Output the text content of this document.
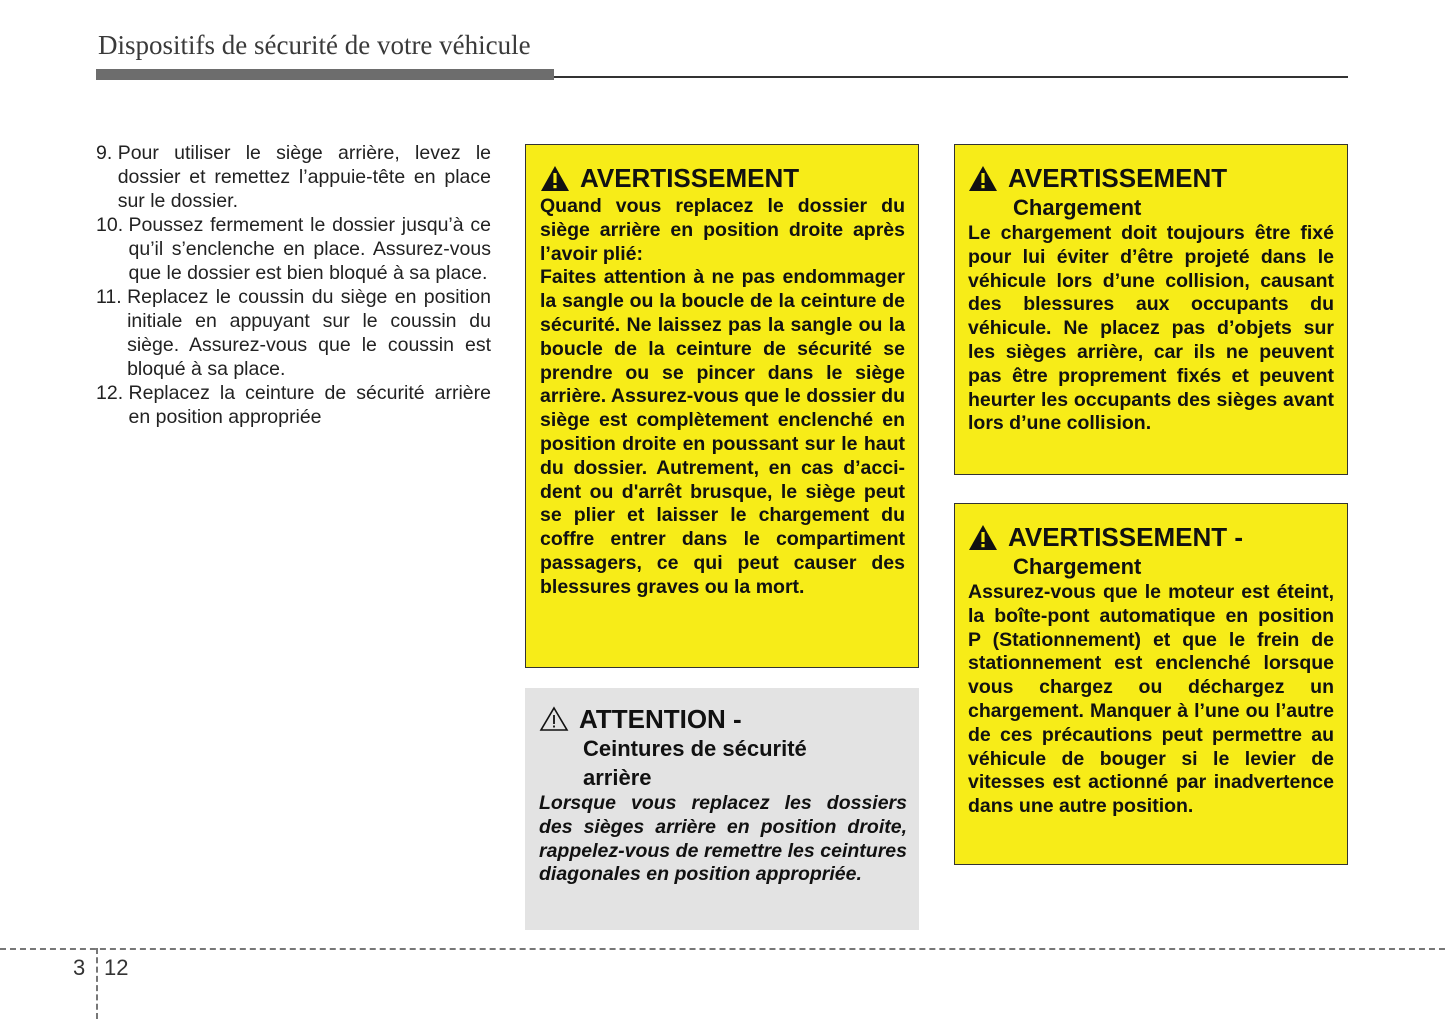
Dispositifs de sécurité de votre véhicule
9. Pour utiliser le siège arrière, levez le dossier et remettez l’appuie-tête en place sur le dossier.
10. Poussez fermement le dossier jusqu’à ce qu’il s’enclenche en place. Assurez-vous que le dossier est bien bloqué à sa place.
11. Replacez le coussin du siège en position initiale en appuyant sur le coussin du siège. Assurez-vous que le coussin est bloqué à sa place.
12. Replacez la ceinture de sécurité arrière en position appropriée
AVERTISSEMENT

Quand vous replacez le dossier du siège arrière en position droite après l’avoir plié:

Faites attention à ne pas endommager la sangle ou la boucle de la ceinture de sécurité. Ne laissez pas la sangle ou la boucle de la ceinture de sécurité se prendre ou se pincer dans le siège arrière. Assurez-vous que le dossier du siège est complètement enclenché en position droite en poussant sur le haut du dossier. Autrement, en cas d’accident ou d'arrêt brusque, le siège peut se plier et laisser le chargement du coffre entrer dans le compartiment passagers, ce qui peut causer des blessures graves ou la mort.

ATTENTION -
Ceintures de sécurité
arrière
Lorsque vous replacez les dossiers des sièges arrière en position droite, rappelez-vous de remettre les ceintures diagonales en position appropriée.
AVERTISSEMENT
Chargement
Le chargement doit toujours être fixé pour lui éviter d’être projeté dans le véhicule lors d’une collision, causant des blessures aux occupants du véhicule. Ne placez pas d’objets sur les sièges arrière, car ils ne peuvent pas être proprement fixés et peuvent heurter les occupants des sièges avant lors d’une collision.
AVERTISSEMENT -
Chargement
Assurez-vous que le moteur est éteint, la boîte-pont automatique en position P (Stationnement) et que le frein de stationnement est enclenché lorsque vous chargez ou déchargez un chargement. Manquer à l’une ou l’autre de ces précautions peut permettre au véhicule de bouger si le levier de vitesses est actionné par inadvertence dans une autre position.
3 12
